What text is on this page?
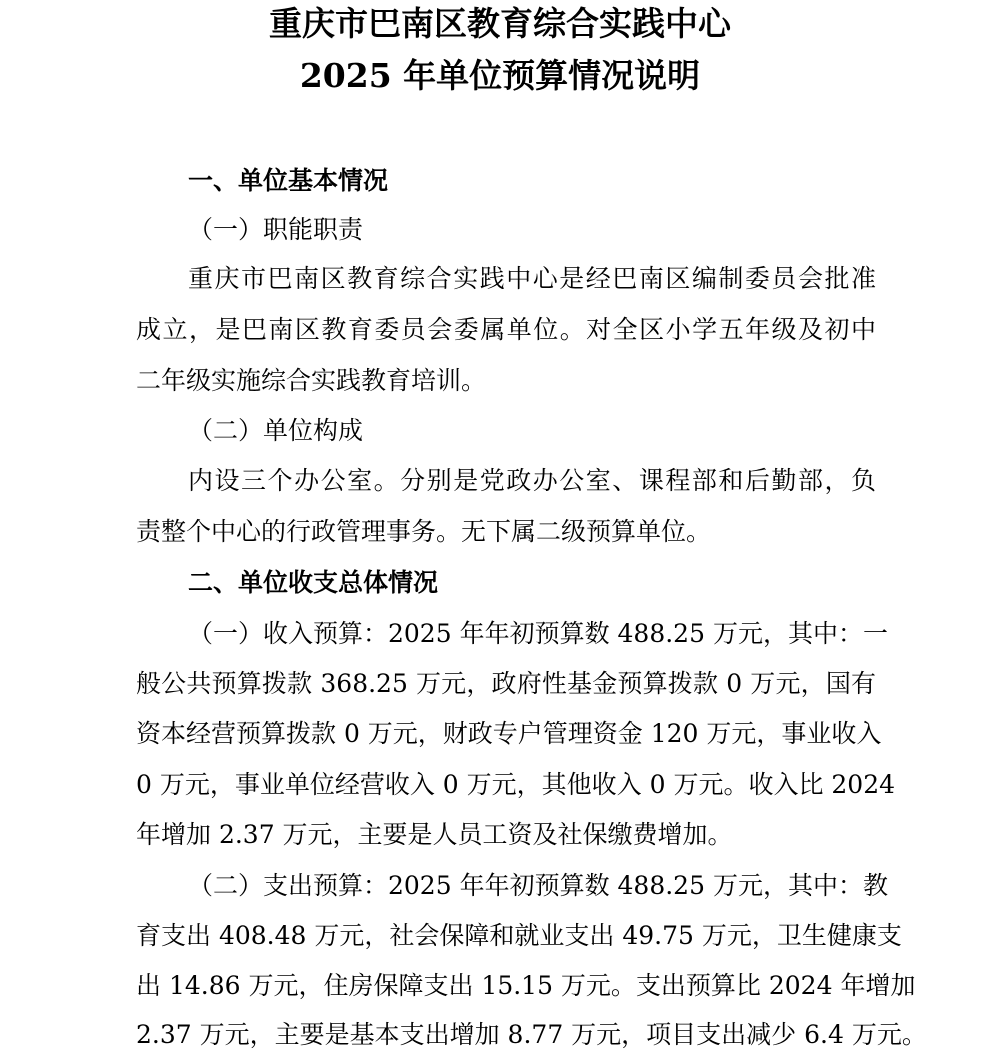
重庆市巴南区教育综合实践中心
2025 年单位预算情况说明
一、单位基本情况
（一）职能职责
重庆市巴南区教育综合实践中心是经巴南区编制委员会批准
成立，是巴南区教育委员会委属单位。对全区小学五年级及初中
二年级实施综合实践教育培训。
（二）单位构成
内设三个办公室。分别是党政办公室、课程部和后勤部，负
责整个中心的行政管理事务。无下属二级预算单位。
二、单位收支总体情况
（一）收入预算：2025 年年初预算数 488.25 万元，其中：一
般公共预算拨款 368.25 万元，政府性基金预算拨款 0 万元，国有
资本经营预算拨款 0 万元，财政专户管理资金 120 万元，事业收入
0 万元，事业单位经营收入 0 万元，其他收入 0 万元。收入比 2024
年增加 2.37 万元，主要是人员工资及社保缴费增加。
（二）支出预算：2025 年年初预算数 488.25 万元，其中：教
育支出 408.48 万元，社会保障和就业支出 49.75 万元，卫生健康支
出 14.86 万元，住房保障支出 15.15 万元。支出预算比 2024 年增加
2.37 万元，主要是基本支出增加 8.77 万元，项目支出减少 6.4 万元。
